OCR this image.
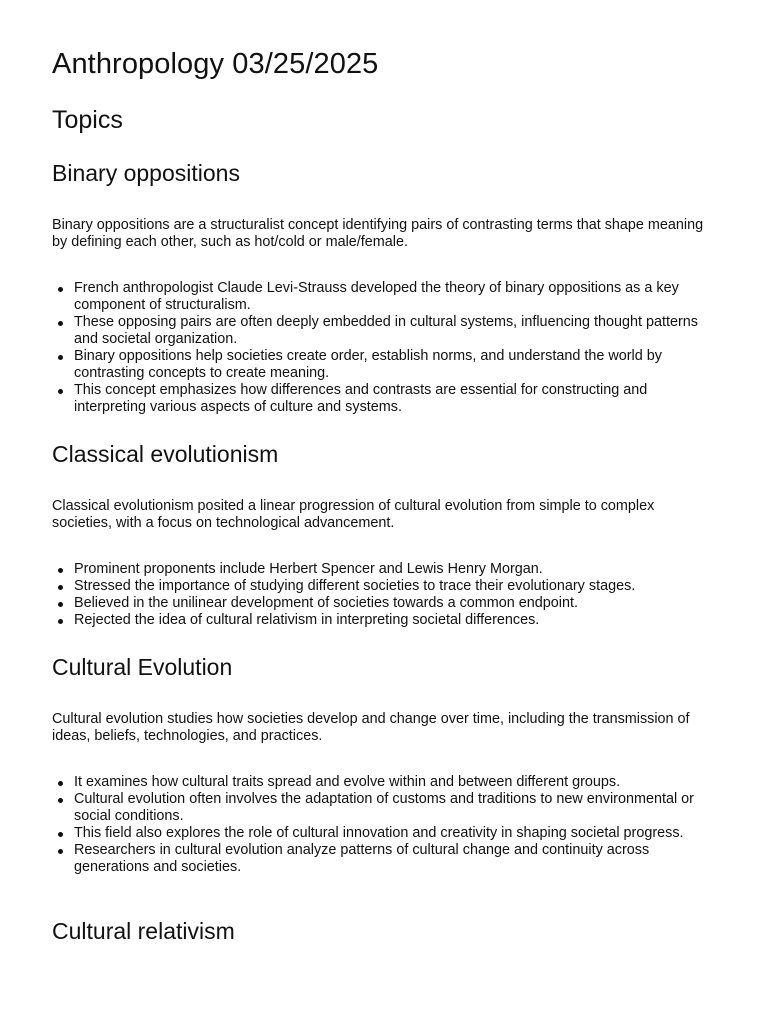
Anthropology 03/25/2025
Topics
Binary oppositions

Binary oppositions are a structuralist concept identifying pairs of contrasting terms that shape meaning by defining each other, such as hot/cold or male/female.

French anthropologist Claude Levi-Strauss developed the theory of binary oppositions as a key component of structuralism.
These opposing pairs are often deeply embedded in cultural systems, influencing thought patterns and societal organization.
Binary oppositions help societies create order, establish norms, and understand the world by contrasting concepts to create meaning.
This concept emphasizes how differences and contrasts are essential for constructing and interpreting various aspects of culture and systems.
Classical evolutionism

Classical evolutionism posited a linear progression of cultural evolution from simple to complex societies, with a focus on technological advancement.

Prominent proponents include Herbert Spencer and Lewis Henry Morgan.
Stressed the importance of studying different societies to trace their evolutionary stages.
Believed in the unilinear development of societies towards a common endpoint.
Rejected the idea of cultural relativism in interpreting societal differences.
Cultural Evolution

Cultural evolution studies how societies develop and change over time, including the transmission of ideas, beliefs, technologies, and practices.

It examines how cultural traits spread and evolve within and between different groups.
Cultural evolution often involves the adaptation of customs and traditions to new environmental or social conditions.
This field also explores the role of cultural innovation and creativity in shaping societal progress.
Researchers in cultural evolution analyze patterns of cultural change and continuity across generations and societies.
Cultural relativism
